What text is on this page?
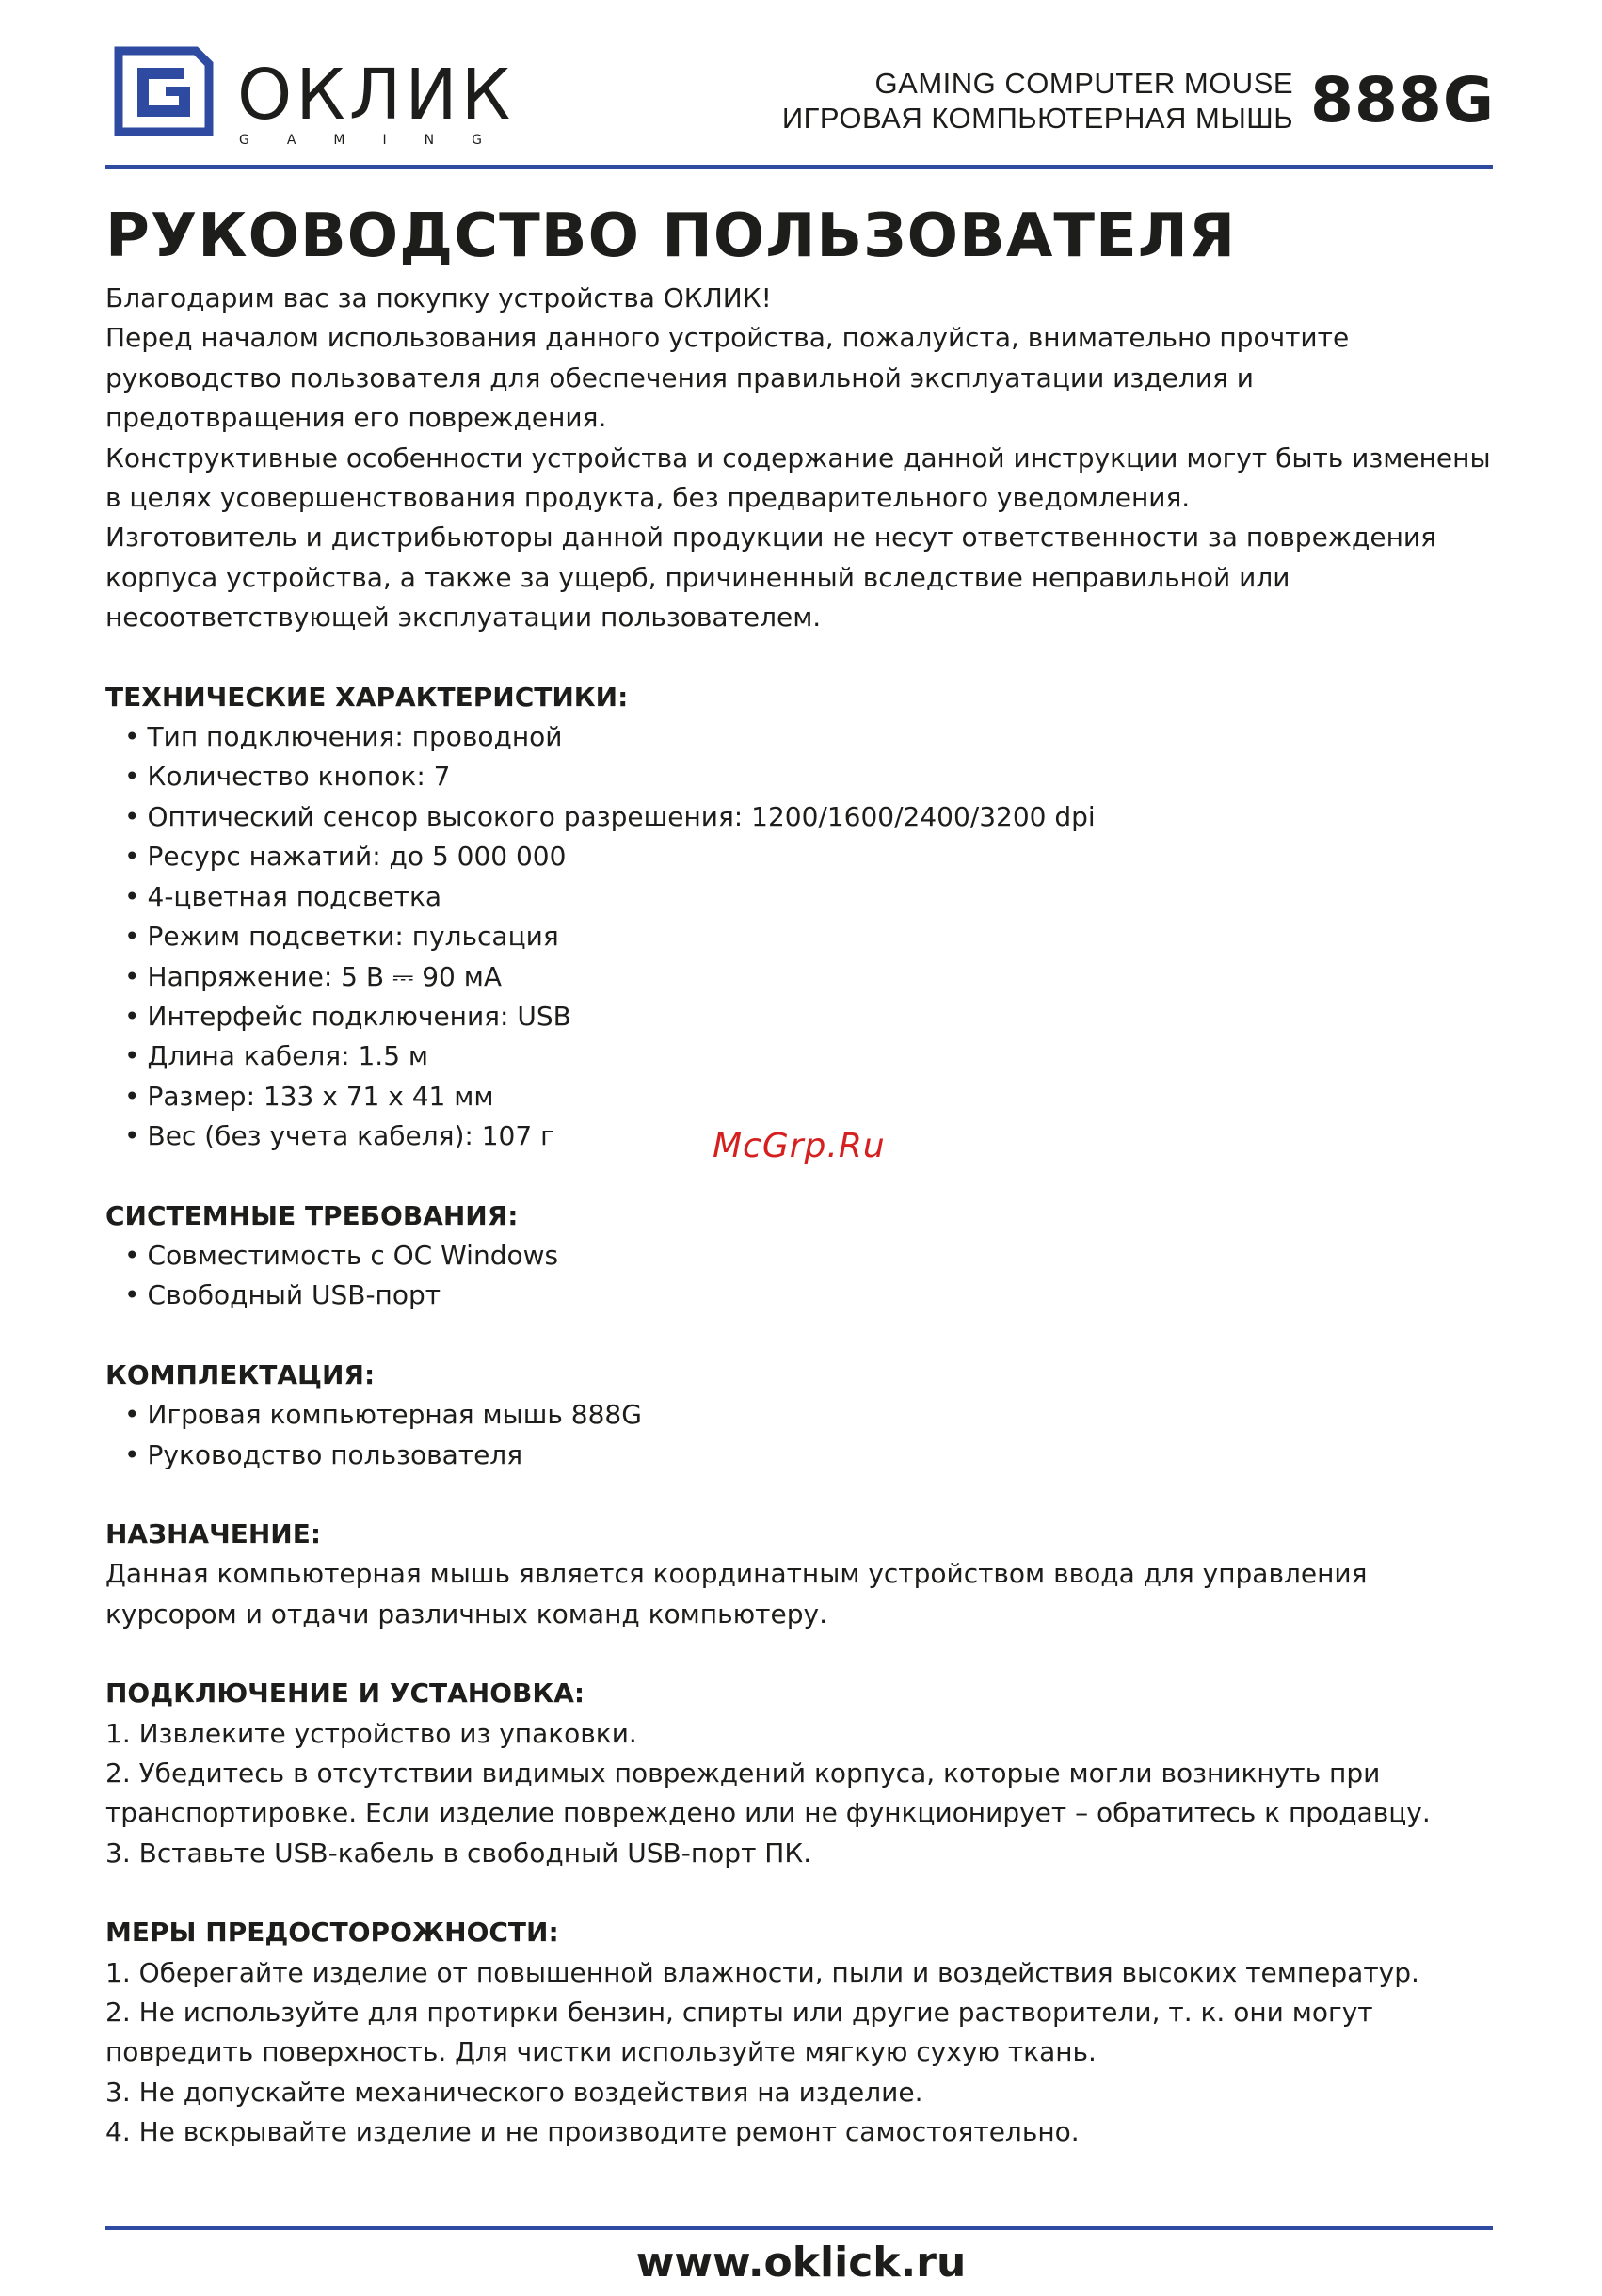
G ОКЛИК
GAMING
GAMING COMPUTER MOUSE
ИГРОВАЯ КОМПЬЮТЕРНАЯ МЫШЬ 888G
РУКОВОДСТВО ПОЛЬЗОВАТЕЛЯ

Благодарим вас за покупку устройства ОКЛИК!

Перед началом использования данного устройства, пожалуйста, внимательно прочтите руководство пользователя для обеспечения правильной эксплуатации изделия и предотвращения его повреждения.

Конструктивные особенности устройства и содержание данной инструкции могут быть изменены в целях усовершенствования продукта, без предварительного уведомления.

Изготовитель и дистрибьюторы данной продукции не несут ответственности за повреждения корпуса устройства, а также за ущерб, причиненный вследствие неправильной или несоответствующей эксплуатации пользователем.

ТЕХНИЧЕСКИЕ ХАРАКТЕРИСТИКИ:

• Тип подключения: проводной
• Количество кнопок: 7
• Оптический сенсор высокого разрешения: 1200/1600/2400/3200 dpi
• Ресурс нажатий: до 5 000 000
• 4-цветная подсветка
• Режим подсветки: пульсация
• Напряжение: 5 В ⎓ 90 мА
• Интерфейс подключения: USB
• Длина кабеля: 1.5 м
• Размер: 133 x 71 x 41 мм
• Вес (без учета кабеля): 107 г

СИСТЕМНЫЕ ТРЕБОВАНИЯ:

• Совместимость с ОС Windows
• Свободный USB-порт

КОМПЛЕКТАЦИЯ:

• Игровая компьютерная мышь 888G
• Руководство пользователя

НАЗНАЧЕНИЕ:

Данная компьютерная мышь является координатным устройством ввода для управления курсором и отдачи различных команд компьютеру.

ПОДКЛЮЧЕНИЕ И УСТАНОВКА:

1. Извлеките устройство из упаковки.

2. Убедитесь в отсутствии видимых повреждений корпуса, которые могли возникнуть при транспортировке. Если изделие повреждено или не функционирует – обратитесь к продавцу.

3. Вставьте USB-кабель в свободный USB-порт ПК.

МЕРЫ ПРЕДОСТОРОЖНОСТИ:

1. Оберегайте изделие от повышенной влажности, пыли и воздействия высоких температур.

2. Не используйте для протирки бензин, спирты или другие растворители, т. к. они могут повредить поверхность. Для чистки используйте мягкую сухую ткань.

3. Не допускайте механического воздействия на изделие.

4. Не вскрывайте изделие и не производите ремонт самостоятельно.

McGrp.Ru
www.oklick.ru
